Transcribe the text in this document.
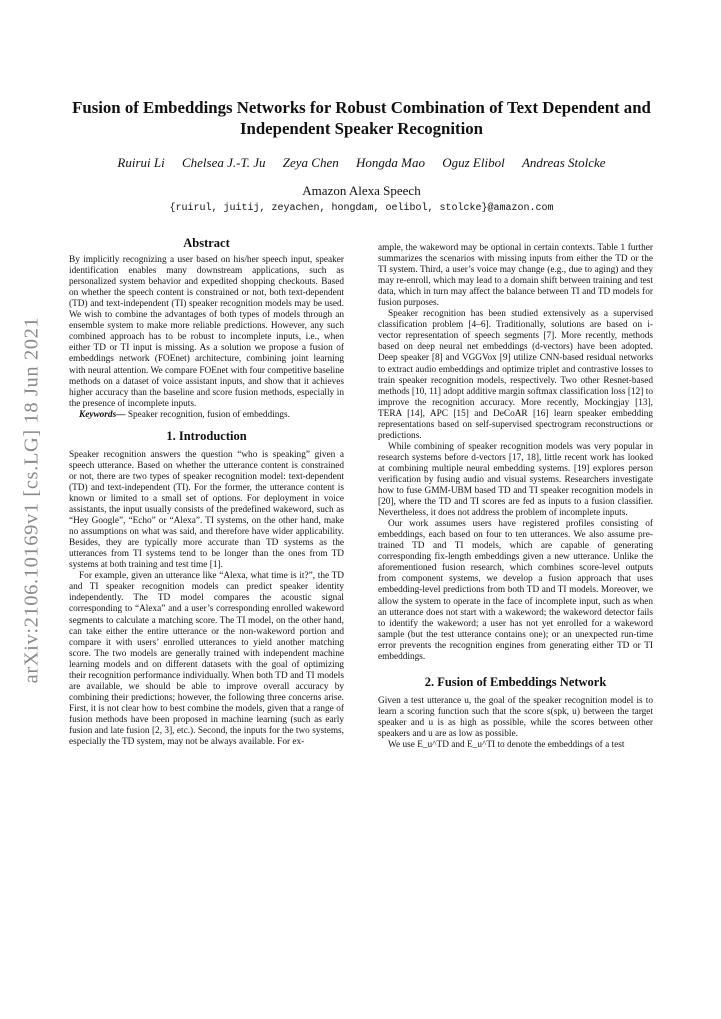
arXiv:2106.10169v1 [cs.LG] 18 Jun 2021
Fusion of Embeddings Networks for Robust Combination of Text Dependent and Independent Speaker Recognition
Ruirui Li Chelsea J.-T. Ju Zeya Chen Hongda Mao Oguz Elibol Andreas Stolcke
Amazon Alexa Speech
{ruirul, juitij, zeyachen, hongdam, oelibol, stolcke}@amazon.com
Abstract

By implicitly recognizing a user based on his/her speech input, speaker identification enables many downstream applications, such as personalized system behavior and expedited shopping checkouts. Based on whether the speech content is constrained or not, both text-dependent (TD) and text-independent (TI) speaker recognition models may be used. We wish to combine the advantages of both types of models through an ensemble system to make more reliable predictions. However, any such combined approach has to be robust to incomplete inputs, i.e., when either TD or TI input is missing. As a solution we propose a fusion of embeddings network (FOEnet) architecture, combining joint learning with neural attention. We compare FOEnet with four competitive baseline methods on a dataset of voice assistant inputs, and show that it achieves higher accuracy than the baseline and score fusion methods, especially in the presence of incomplete inputs.

Keywords— Speaker recognition, fusion of embeddings.

1. Introduction

Speaker recognition answers the question “who is speaking” given a speech utterance. Based on whether the utterance content is constrained or not, there are two types of speaker recognition model: text-dependent (TD) and text-independent (TI). For the former, the utterance content is known or limited to a small set of options. For deployment in voice assistants, the input usually consists of the predefined wakeword, such as “Hey Google”, “Echo” or “Alexa”. TI systems, on the other hand, make no assumptions on what was said, and therefore have wider applicability. Besides, they are typically more accurate than TD systems as the utterances from TI systems tend to be longer than the ones from TD systems at both training and test time [1].

For example, given an utterance like “Alexa, what time is it?”, the TD and TI speaker recognition models can predict speaker identity independently. The TD model compares the acoustic signal corresponding to “Alexa” and a user’s corresponding enrolled wakeword segments to calculate a matching score. The TI model, on the other hand, can take either the entire utterance or the non-wakeword portion and compare it with users’ enrolled utterances to yield another matching score. The two models are generally trained with independent machine learning models and on different datasets with the goal of optimizing their recognition performance individually. When both TD and TI models are available, we should be able to improve overall accuracy by combining their predictions; however, the following three concerns arise. First, it is not clear how to best combine the models, given that a range of fusion methods have been proposed in machine learning (such as early fusion and late fusion [2, 3], etc.). Second, the inputs for the two systems, especially the TD system, may not be always available. For ex-

ample, the wakeword may be optional in certain contexts. Table 1 further summarizes the scenarios with missing inputs from either the TD or the TI system. Third, a user’s voice may change (e.g., due to aging) and they may re-enroll, which may lead to a domain shift between training and test data, which in turn may affect the balance between TI and TD models for fusion purposes.

Speaker recognition has been studied extensively as a supervised classification problem [4–6]. Traditionally, solutions are based on i-vector representation of speech segments [7]. More recently, methods based on deep neural net embeddings (d-vectors) have been adopted. Deep speaker [8] and VGGVox [9] utilize CNN-based residual networks to extract audio embeddings and optimize triplet and contrastive losses to train speaker recognition models, respectively. Two other Resnet-based methods [10, 11] adopt additive margin softmax classification loss [12] to improve the recognition accuracy. More recently, Mockingjay [13], TERA [14], APC [15] and DeCoAR [16] learn speaker embedding representations based on self-supervised spectrogram reconstructions or predictions.

While combining of speaker recognition models was very popular in research systems before d-vectors [17, 18], little recent work has looked at combining multiple neural embedding systems. [19] explores person verification by fusing audio and visual systems. Researchers investigate how to fuse GMM-UBM based TD and TI speaker recognition models in [20], where the TD and TI scores are fed as inputs to a fusion classifier. Nevertheless, it does not address the problem of incomplete inputs.

Our work assumes users have registered profiles consisting of embeddings, each based on four to ten utterances. We also assume pre-trained TD and TI models, which are capable of generating corresponding fix-length embeddings given a new utterance. Unlike the aforementioned fusion research, which combines score-level outputs from component systems, we develop a fusion approach that uses embedding-level predictions from both TD and TI models. Moreover, we allow the system to operate in the face of incomplete input, such as when an utterance does not start with a wakeword; the wakeword detector fails to identify the wakeword; a user has not yet enrolled for a wakeword sample (but the test utterance contains one); or an unexpected run-time error prevents the recognition engines from generating either TD or TI embeddings.

2. Fusion of Embeddings Network

Given a test utterance u, the goal of the speaker recognition model is to learn a scoring function such that the score s(spk, u) between the target speaker and u is as high as possible, while the scores between other speakers and u are as low as possible.

We use E_u^TD and E_u^TI to denote the embeddings of a test
